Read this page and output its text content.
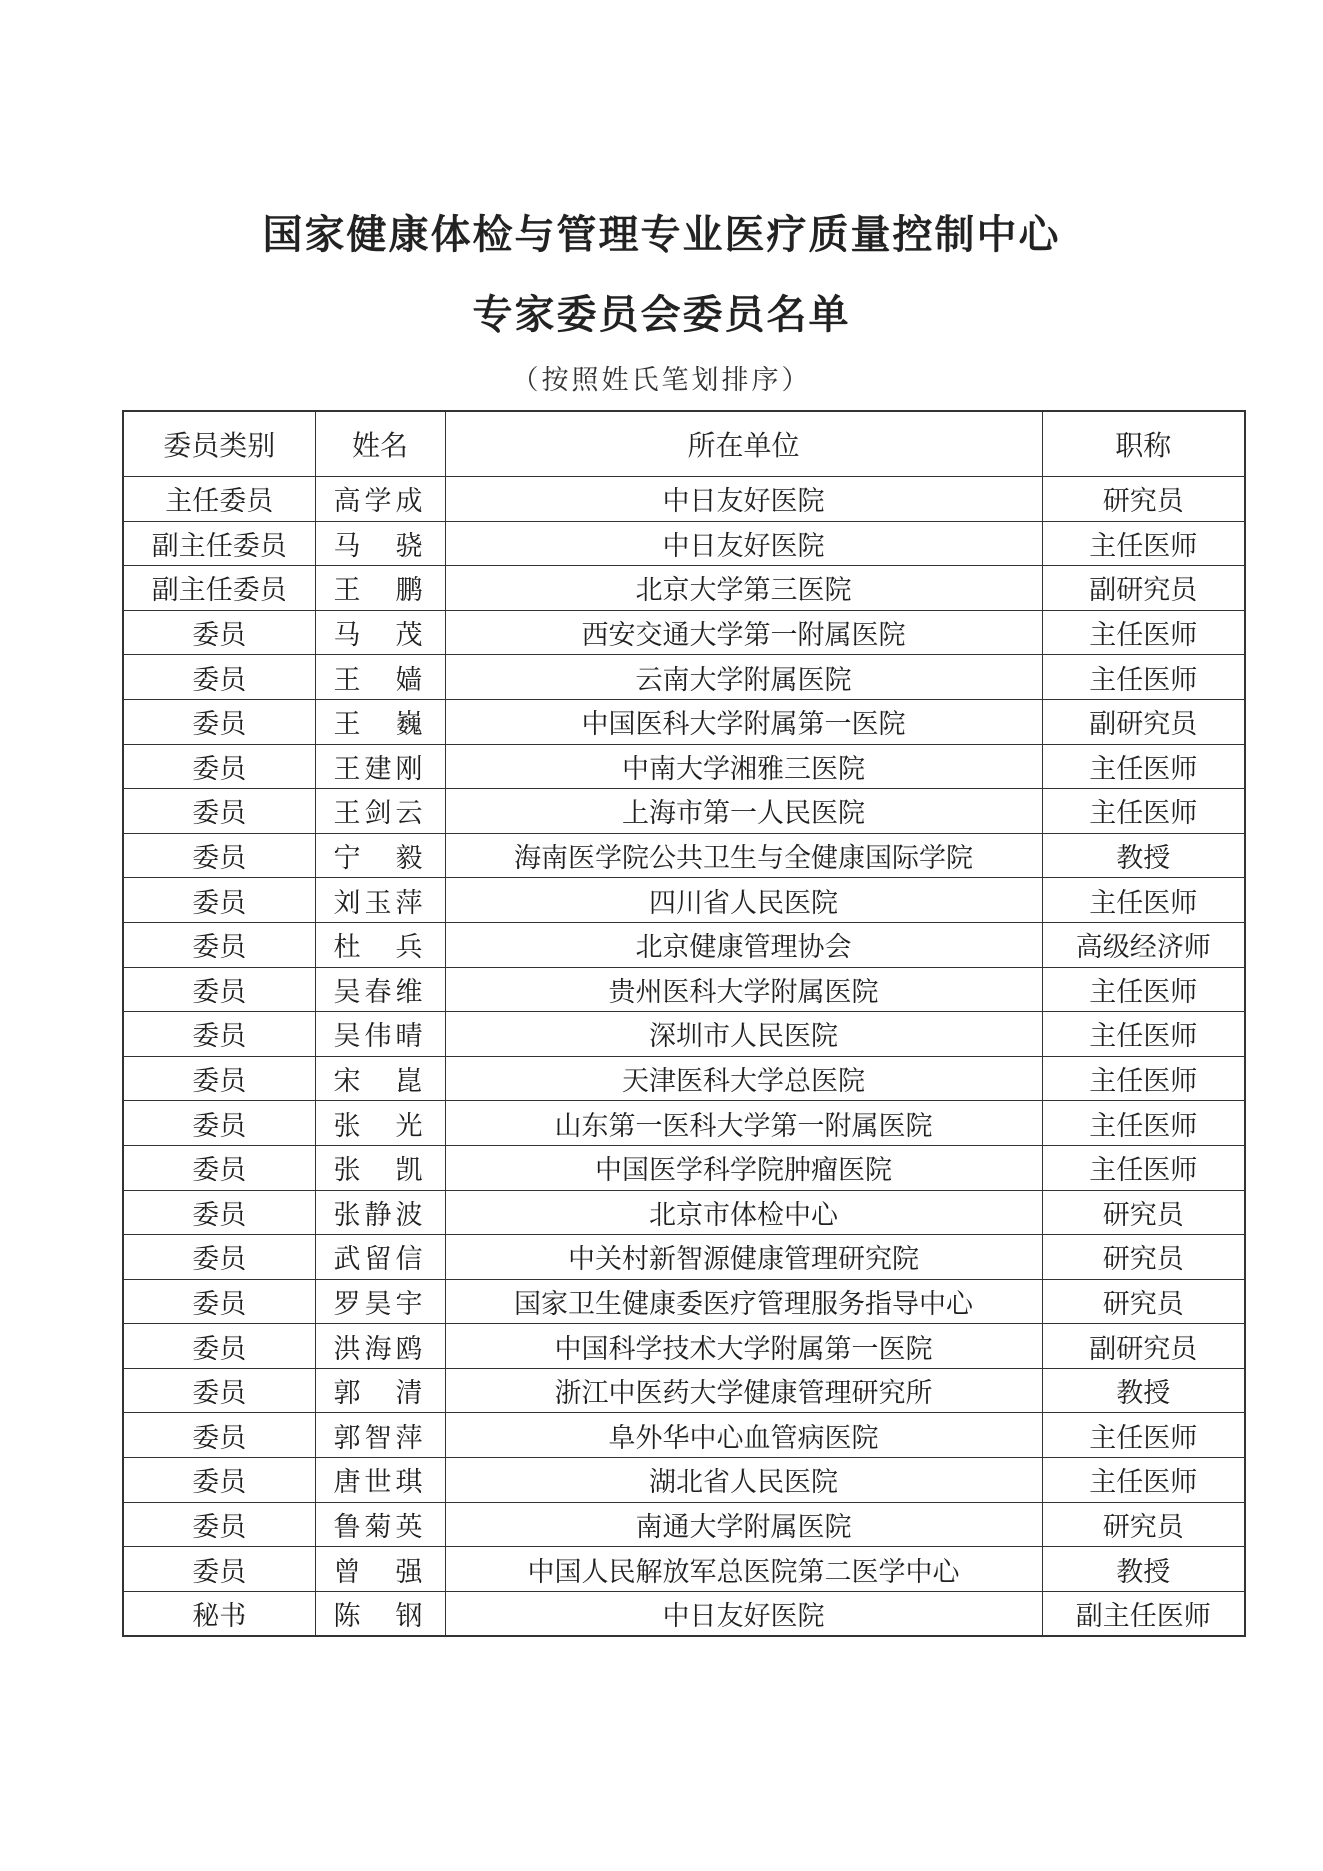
国家健康体检与管理专业医疗质量控制中心
专家委员会委员名单
（按照姓氏笔划排序）
委员类别	姓名	所在单位	职称
主任委员	高学成	中日友好医院	研究员
副主任委员	马　骁	中日友好医院	主任医师
副主任委员	王　鹏	北京大学第三医院	副研究员
委员	马　茂	西安交通大学第一附属医院	主任医师
委员	王　嫱	云南大学附属医院	主任医师
委员	王　巍	中国医科大学附属第一医院	副研究员
委员	王建刚	中南大学湘雅三医院	主任医师
委员	王剑云	上海市第一人民医院	主任医师
委员	宁　毅	海南医学院公共卫生与全健康国际学院	教授
委员	刘玉萍	四川省人民医院	主任医师
委员	杜　兵	北京健康管理协会	高级经济师
委员	吴春维	贵州医科大学附属医院	主任医师
委员	吴伟晴	深圳市人民医院	主任医师
委员	宋　崑	天津医科大学总医院	主任医师
委员	张　光	山东第一医科大学第一附属医院	主任医师
委员	张　凯	中国医学科学院肿瘤医院	主任医师
委员	张静波	北京市体检中心	研究员
委员	武留信	中关村新智源健康管理研究院	研究员
委员	罗昊宇	国家卫生健康委医疗管理服务指导中心	研究员
委员	洪海鸥	中国科学技术大学附属第一医院	副研究员
委员	郭　清	浙江中医药大学健康管理研究所	教授
委员	郭智萍	阜外华中心血管病医院	主任医师
委员	唐世琪	湖北省人民医院	主任医师
委员	鲁菊英	南通大学附属医院	研究员
委员	曾　强	中国人民解放军总医院第二医学中心	教授
秘书	陈　钢	中日友好医院	副主任医师
